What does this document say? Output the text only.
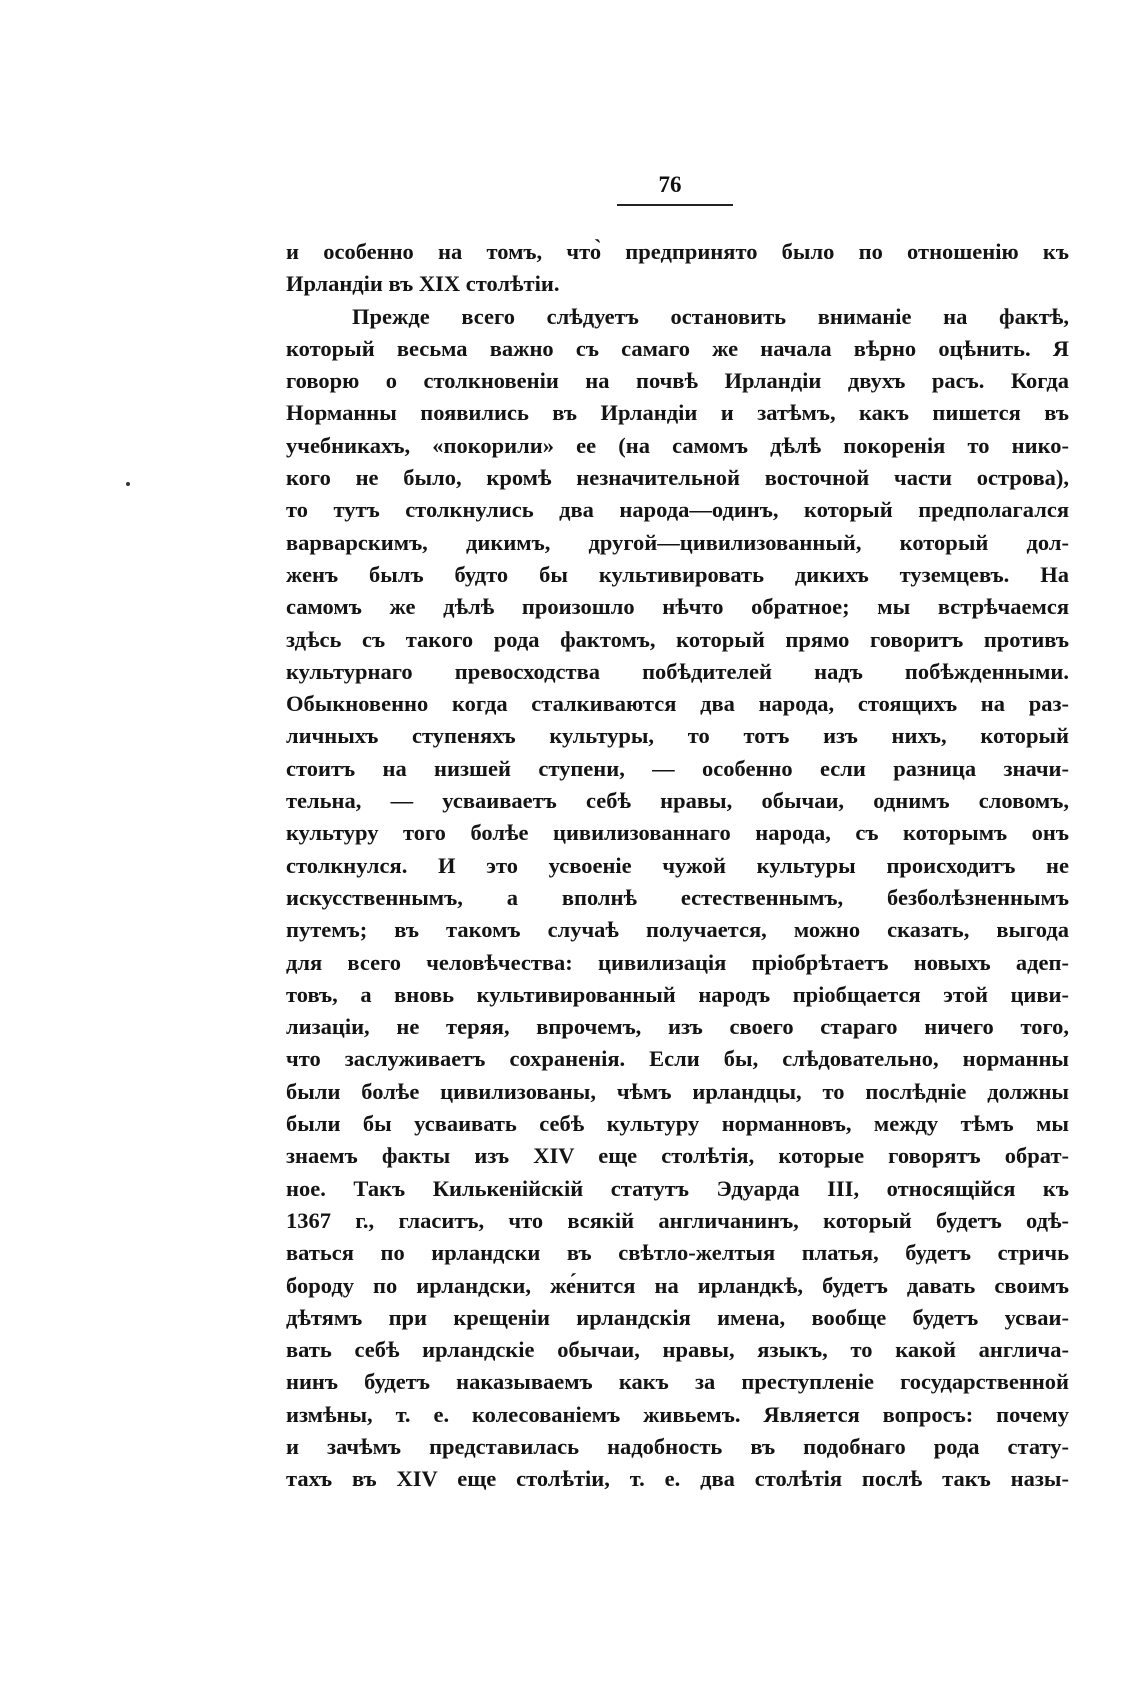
76
и особенно на томъ, что̀ предпринято было по отношенію къ
Ирландіи въ XIX столѣтіи.
Прежде всего слѣдуетъ остановить вниманіе на фактѣ,
который весьма важно съ самаго же начала вѣрно оцѣнить. Я
говорю о столкновеніи на почвѣ Ирландіи двухъ расъ. Когда
Норманны появились въ Ирландіи и затѣмъ, какъ пишется въ
учебникахъ, «покорили» ее (на самомъ дѣлѣ покоренія то нико-
кого не было, кромѣ незначительной восточной части острова),
то тутъ столкнулись два народа—одинъ, который предполагался
варварскимъ, дикимъ, другой—цивилизованный, который дол-
женъ былъ будто бы культивировать дикихъ туземцевъ. На
самомъ же дѣлѣ произошло нѣчто обратное; мы встрѣчаемся
здѣсь съ такого рода фактомъ, который прямо говоритъ противъ
культурнаго превосходства побѣдителей надъ побѣжденными.
Обыкновенно когда сталкиваются два народа, стоящихъ на раз-
личныхъ ступеняхъ культуры, то тотъ изъ нихъ, который
стоитъ на низшей ступени, — особенно если разница значи-
тельна, — усваиваетъ себѣ нравы, обычаи, однимъ словомъ,
культуру того болѣе цивилизованнаго народа, съ которымъ онъ
столкнулся. И это усвоеніе чужой культуры происходитъ не
искусственнымъ, а вполнѣ естественнымъ, безболѣзненнымъ
путемъ; въ такомъ случаѣ получается, можно сказать, выгода
для всего человѣчества: цивилизація пріобрѣтаетъ новыхъ адеп-
товъ, а вновь культивированный народъ пріобщается этой циви-
лизаціи, не теряя, впрочемъ, изъ своего стараго ничего того,
что заслуживаетъ сохраненія. Если бы, слѣдовательно, норманны
были болѣе цивилизованы, чѣмъ ирландцы, то послѣдніе должны
были бы усваивать себѣ культуру норманновъ, между тѣмъ мы
знаемъ факты изъ XIV еще столѣтія, которые говорятъ обрат-
ное. Такъ Килькенійскій статутъ Эдуарда III, относящійся къ
1367 г., гласитъ, что всякій англичанинъ, который будетъ одѣ-
ваться по ирландски въ свѣтло-желтыя платья, будетъ стричь
бороду по ирландски, же́нится на ирландкѣ, будетъ давать своимъ
дѣтямъ при крещеніи ирландскія имена, вообще будетъ усваи-
вать себѣ ирландскіе обычаи, нравы, языкъ, то какой англича-
нинъ будетъ наказываемъ какъ за преступленіе государственной
измѣны, т. е. колесованіемъ живьемъ. Является вопросъ: почему
и зачѣмъ представилась надобность въ подобнаго рода стату-
тахъ въ XIV еще столѣтіи, т. е. два столѣтія послѣ такъ назы-
